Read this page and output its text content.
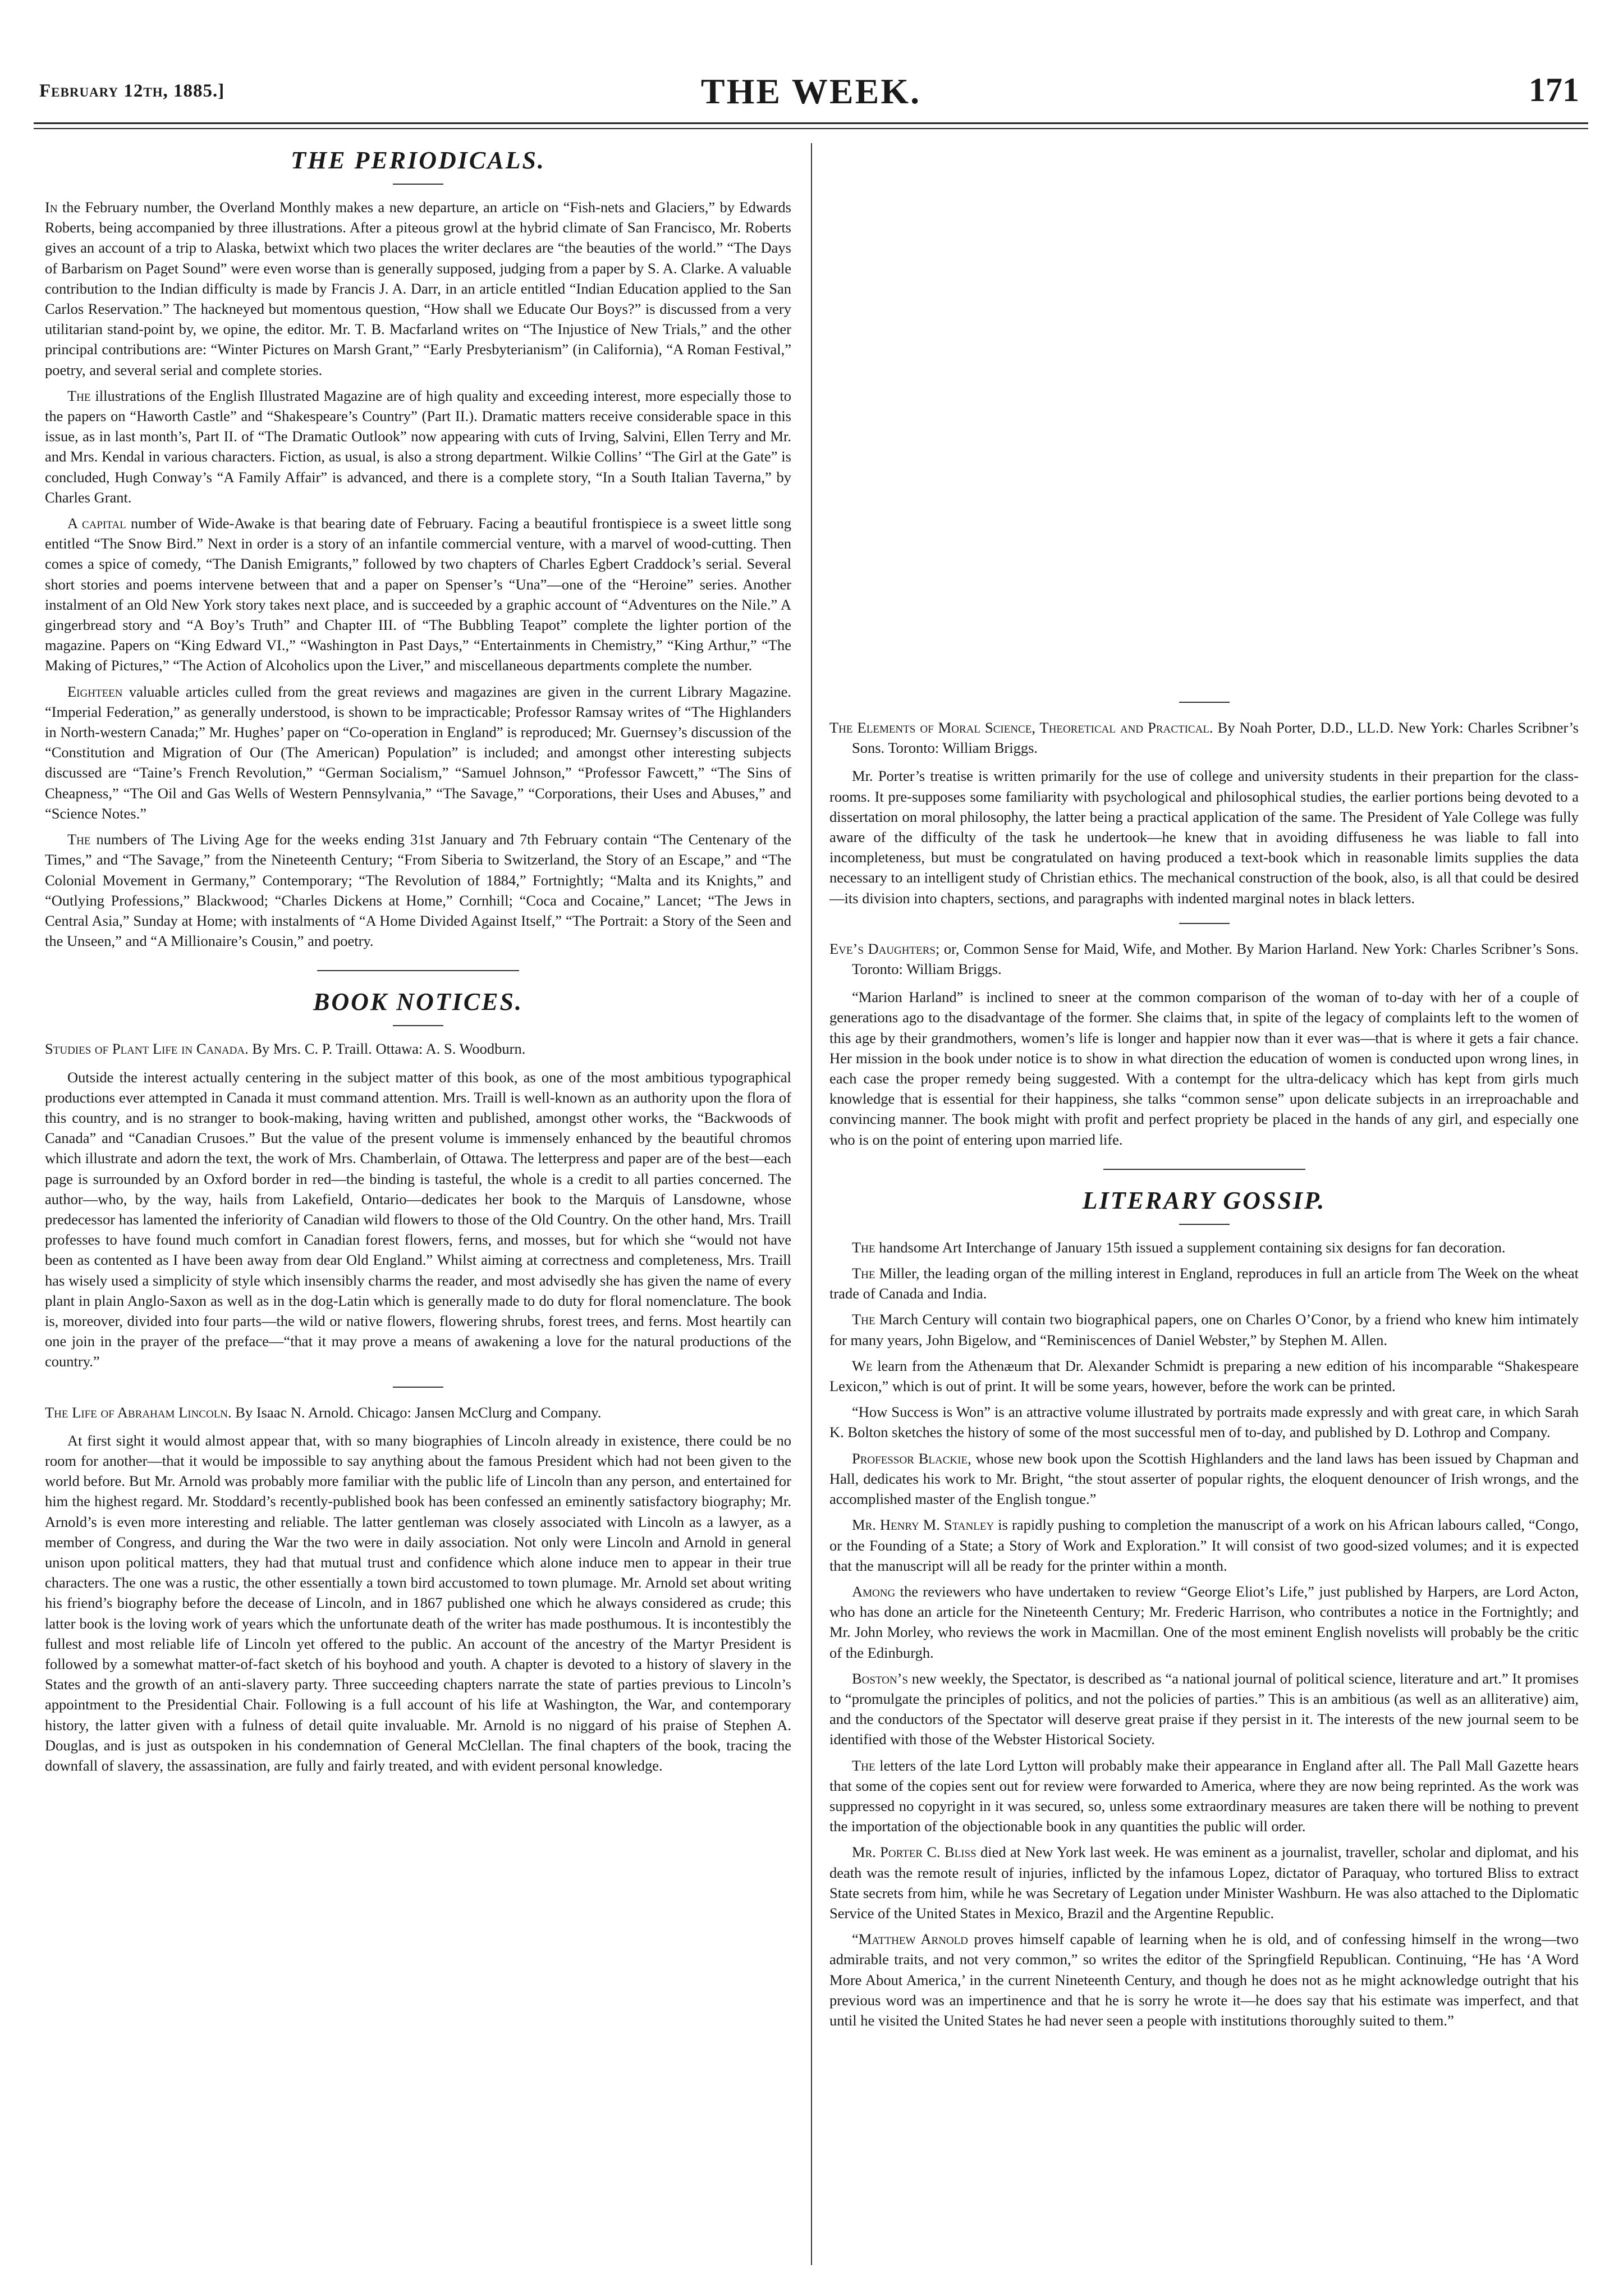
February 12th, 1885.]	THE WEEK.	171
THE PERIODICALS.

In the February number, the Overland Monthly makes a new departure, an article on “Fish-nets and Glaciers,” by Edwards Roberts, being accompanied by three illustrations. After a piteous growl at the hybrid climate of San Francisco, Mr. Roberts gives an account of a trip to Alaska, betwixt which two places the writer declares are “the beauties of the world.” “The Days of Barbarism on Paget Sound” were even worse than is generally supposed, judging from a paper by S. A. Clarke. A valuable contribution to the Indian difficulty is made by Francis J. A. Darr, in an article entitled “Indian Education applied to the San Carlos Reservation.” The hackneyed but momentous question, “How shall we Educate Our Boys?” is discussed from a very utilitarian stand-point by, we opine, the editor. Mr. T. B. Macfarland writes on “The Injustice of New Trials,” and the other principal contributions are: “Winter Pictures on Marsh Grant,” “Early Presbyterianism” (in California), “A Roman Festival,” poetry, and several serial and complete stories.

The illustrations of the English Illustrated Magazine are of high quality and exceeding interest, more especially those to the papers on “Haworth Castle” and “Shakespeare’s Country” (Part II.). Dramatic matters receive considerable space in this issue, as in last month’s, Part II. of “The Dramatic Outlook” now appearing with cuts of Irving, Salvini, Ellen Terry and Mr. and Mrs. Kendal in various characters. Fiction, as usual, is also a strong department. Wilkie Collins’ “The Girl at the Gate” is concluded, Hugh Conway’s “A Family Affair” is advanced, and there is a complete story, “In a South Italian Taverna,” by Charles Grant.

A capital number of Wide-Awake is that bearing date of February. Facing a beautiful frontispiece is a sweet little song entitled “The Snow Bird.” Next in order is a story of an infantile commercial venture, with a marvel of wood-cutting. Then comes a spice of comedy, “The Danish Emigrants,” followed by two chapters of Charles Egbert Craddock’s serial. Several short stories and poems intervene between that and a paper on Spenser’s “Una”—one of the “Heroine” series. Another instalment of an Old New York story takes next place, and is succeeded by a graphic account of “Adventures on the Nile.” A gingerbread story and “A Boy’s Truth” and Chapter III. of “The Bubbling Teapot” complete the lighter portion of the magazine. Papers on “King Edward VI.,” “Washington in Past Days,” “Entertainments in Chemistry,” “King Arthur,” “The Making of Pictures,” “The Action of Alcoholics upon the Liver,” and miscellaneous departments complete the number.

Eighteen valuable articles culled from the great reviews and magazines are given in the current Library Magazine. “Imperial Federation,” as generally understood, is shown to be impracticable; Professor Ramsay writes of “The Highlanders in North-western Canada;” Mr. Hughes’ paper on “Co-operation in England” is reproduced; Mr. Guernsey’s discussion of the “Constitution and Migration of Our (The American) Population” is included; and amongst other interesting subjects discussed are “Taine’s French Revolution,” “German Socialism,” “Samuel Johnson,” “Professor Fawcett,” “The Sins of Cheapness,” “The Oil and Gas Wells of Western Pennsylvania,” “The Savage,” “Corporations, their Uses and Abuses,” and “Science Notes.”

The numbers of The Living Age for the weeks ending 31st January and 7th February contain “The Centenary of the Times,” and “The Savage,” from the Nineteenth Century; “From Siberia to Switzerland, the Story of an Escape,” and “The Colonial Movement in Germany,” Contemporary; “The Revolution of 1884,” Fortnightly; “Malta and its Knights,” and “Outlying Professions,” Blackwood; “Charles Dickens at Home,” Cornhill; “Coca and Cocaine,” Lancet; “The Jews in Central Asia,” Sunday at Home; with instalments of “A Home Divided Against Itself,” “The Portrait: a Story of the Seen and the Unseen,” and “A Millionaire’s Cousin,” and poetry.

BOOK NOTICES.

Studies of Plant Life in Canada. By Mrs. C. P. Traill. Ottawa: A. S. Woodburn.

Outside the interest actually centering in the subject matter of this book, as one of the most ambitious typographical productions ever attempted in Canada it must command attention. Mrs. Traill is well-known as an authority upon the flora of this country, and is no stranger to book-making, having written and published, amongst other works, the “Backwoods of Canada” and “Canadian Crusoes.” But the value of the present volume is immensely enhanced by the beautiful chromos which illustrate and adorn the text, the work of Mrs. Chamberlain, of Ottawa. The letterpress and paper are of the best—each page is surrounded by an Oxford border in red—the binding is tasteful, the whole is a credit to all parties concerned. The author—who, by the way, hails from Lakefield, Ontario—dedicates her book to the Marquis of Lansdowne, whose predecessor has lamented the inferiority of Canadian wild flowers to those of the Old Country. On the other hand, Mrs. Traill professes to have found much comfort in Canadian forest flowers, ferns, and mosses, but for which she “would not have been as contented as I have been away from dear Old England.” Whilst aiming at correctness and completeness, Mrs. Traill has wisely used a simplicity of style which insensibly charms the reader, and most advisedly she has given the name of every plant in plain Anglo-Saxon as well as in the dog-Latin which is generally made to do duty for floral nomenclature. The book is, moreover, divided into four parts—the wild or native flowers, flowering shrubs, forest trees, and ferns. Most heartily can one join in the prayer of the preface—“that it may prove a means of awakening a love for the natural productions of the country.”

The Life of Abraham Lincoln. By Isaac N. Arnold. Chicago: Jansen McClurg and Company.

At first sight it would almost appear that, with so many biographies of Lincoln already in existence, there could be no room for another—that it would be impossible to say anything about the famous President which had not been given to the world before. But Mr. Arnold was probably more familiar with the public life of Lincoln than any person, and entertained for him the highest regard. Mr. Stoddard’s recently-published book has been confessed an eminently satisfactory biography; Mr. Arnold’s is even more interesting and reliable. The latter gentleman was closely associated with Lincoln as a lawyer, as a member of Congress, and during the War the two were in daily association. Not only were Lincoln and Arnold in general unison upon political matters, they had that mutual trust and confidence which alone induce men to appear in their true characters. The one was a rustic, the other essentially a town bird accustomed to town plumage. Mr. Arnold set about writing his friend’s biography before the decease of Lincoln, and in 1867 published one which he always considered as crude; this latter book is the loving work of years which the unfortunate death of the writer has made posthumous. It is incontestibly the fullest and most reliable life of Lincoln yet offered to the public. An account of the ancestry of the Martyr President is followed by a somewhat matter-of-fact sketch of his boyhood and youth. A chapter is devoted to a history of slavery in the States and the growth of an anti-slavery party. Three succeeding chapters narrate the state of parties previous to Lincoln’s appointment to the Presidential Chair. Following is a full account of his life at Washington, the War, and contemporary history, the latter given with a fulness of detail quite invaluable. Mr. Arnold is no niggard of his praise of Stephen A. Douglas, and is just as outspoken in his condemnation of General McClellan. The final chapters of the book, tracing the downfall of slavery, the assassination, are fully and fairly treated, and with evident personal knowledge.

The Elements of Moral Science, Theoretical and Practical. By Noah Porter, D.D., LL.D. New York: Charles Scribner’s Sons. Toronto: William Briggs.

Mr. Porter’s treatise is written primarily for the use of college and university students in their prepartion for the class-rooms. It pre-supposes some familiarity with psychological and philosophical studies, the earlier portions being devoted to a dissertation on moral philosophy, the latter being a practical application of the same. The President of Yale College was fully aware of the difficulty of the task he undertook—he knew that in avoiding diffuseness he was liable to fall into incompleteness, but must be congratulated on having produced a text-book which in reasonable limits supplies the data necessary to an intelligent study of Christian ethics. The mechanical construction of the book, also, is all that could be desired—its division into chapters, sections, and paragraphs with indented marginal notes in black letters.

Eve’s Daughters; or, Common Sense for Maid, Wife, and Mother. By Marion Harland. New York: Charles Scribner’s Sons. Toronto: William Briggs.

“Marion Harland” is inclined to sneer at the common comparison of the woman of to-day with her of a couple of generations ago to the disadvantage of the former. She claims that, in spite of the legacy of complaints left to the women of this age by their grandmothers, women’s life is longer and happier now than it ever was—that is where it gets a fair chance. Her mission in the book under notice is to show in what direction the education of women is conducted upon wrong lines, in each case the proper remedy being suggested. With a contempt for the ultra-delicacy which has kept from girls much knowledge that is essential for their happiness, she talks “common sense” upon delicate subjects in an irreproachable and convincing manner. The book might with profit and perfect propriety be placed in the hands of any girl, and especially one who is on the point of entering upon married life.

LITERARY GOSSIP.

The handsome Art Interchange of January 15th issued a supplement containing six designs for fan decoration.

The Miller, the leading organ of the milling interest in England, reproduces in full an article from The Week on the wheat trade of Canada and India.

The March Century will contain two biographical papers, one on Charles O’Conor, by a friend who knew him intimately for many years, John Bigelow, and “Reminiscences of Daniel Webster,” by Stephen M. Allen.

We learn from the Athenæum that Dr. Alexander Schmidt is preparing a new edition of his incomparable “Shakespeare Lexicon,” which is out of print. It will be some years, however, before the work can be printed.

“How Success is Won” is an attractive volume illustrated by portraits made expressly and with great care, in which Sarah K. Bolton sketches the history of some of the most successful men of to-day, and published by D. Lothrop and Company.

Professor Blackie, whose new book upon the Scottish Highlanders and the land laws has been issued by Chapman and Hall, dedicates his work to Mr. Bright, “the stout asserter of popular rights, the eloquent denouncer of Irish wrongs, and the accomplished master of the English tongue.”

Mr. Henry M. Stanley is rapidly pushing to completion the manuscript of a work on his African labours called, “Congo, or the Founding of a State; a Story of Work and Exploration.” It will consist of two good-sized volumes; and it is expected that the manuscript will all be ready for the printer within a month.

Among the reviewers who have undertaken to review “George Eliot’s Life,” just published by Harpers, are Lord Acton, who has done an article for the Nineteenth Century; Mr. Frederic Harrison, who contributes a notice in the Fortnightly; and Mr. John Morley, who reviews the work in Macmillan. One of the most eminent English novelists will probably be the critic of the Edinburgh.

Boston’s new weekly, the Spectator, is described as “a national journal of political science, literature and art.” It promises to “promulgate the principles of politics, and not the policies of parties.” This is an ambitious (as well as an alliterative) aim, and the conductors of the Spectator will deserve great praise if they persist in it. The interests of the new journal seem to be identified with those of the Webster Historical Society.

The letters of the late Lord Lytton will probably make their appearance in England after all. The Pall Mall Gazette hears that some of the copies sent out for review were forwarded to America, where they are now being reprinted. As the work was suppressed no copyright in it was secured, so, unless some extraordinary measures are taken there will be nothing to prevent the importation of the objectionable book in any quantities the public will order.

Mr. Porter C. Bliss died at New York last week. He was eminent as a journalist, traveller, scholar and diplomat, and his death was the remote result of injuries, inflicted by the infamous Lopez, dictator of Paraquay, who tortured Bliss to extract State secrets from him, while he was Secretary of Legation under Minister Washburn. He was also attached to the Diplomatic Service of the United States in Mexico, Brazil and the Argentine Republic.

“Matthew Arnold proves himself capable of learning when he is old, and of confessing himself in the wrong—two admirable traits, and not very common,” so writes the editor of the Springfield Republican. Continuing, “He has ‘A Word More About America,’ in the current Nineteenth Century, and though he does not as he might acknowledge outright that his previous word was an impertinence and that he is sorry he wrote it—he does say that his estimate was imperfect, and that until he visited the United States he had never seen a people with institutions thoroughly suited to them.”
